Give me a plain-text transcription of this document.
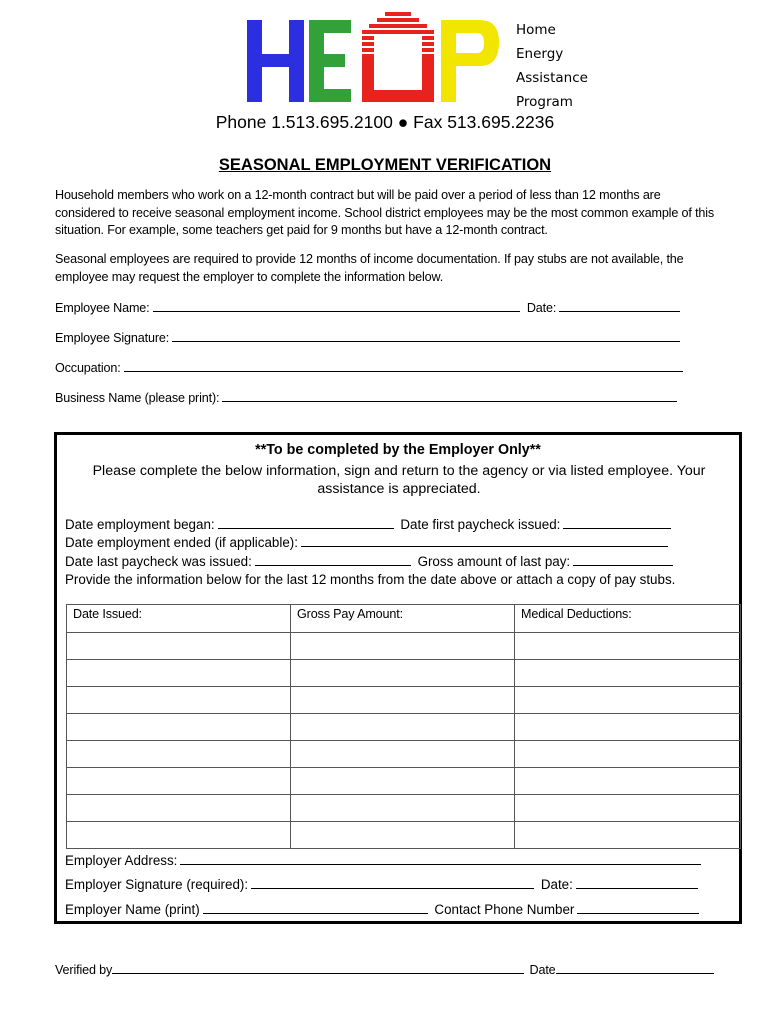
Home
Energy
Assistance
Program
Phone 1.513.695.2100 ● Fax 513.695.2236
SEASONAL EMPLOYMENT VERIFICATION
Household members who work on a 12-month contract but will be paid over a period of less than 12 months are considered to receive seasonal employment income. School district employees may be the most common example of this situation. For example, some teachers get paid for 9 months but have a 12-month contract.
Seasonal employees are required to provide 12 months of income documentation. If pay stubs are not available, the employee may request the employer to complete the information below.
Employee Name:	Date:
Employee Signature:
Occupation:
Business Name (please print):
**To be completed by the Employer Only**
Please complete the below information, sign and return to the agency or via listed employee. Your assistance is appreciated.
Date employment began:	Date first paycheck issued:
Date employment ended (if applicable):
Date last paycheck was issued:	Gross amount of last pay:
Provide the information below for the last 12 months from the date above or attach a copy of pay stubs.
Date Issued:	Gross Pay Amount:	Medical Deductions:

Employer Address:
Employer Signature (required):	Date:
Employer Name (print)	Contact Phone Number
Verified by	Date
